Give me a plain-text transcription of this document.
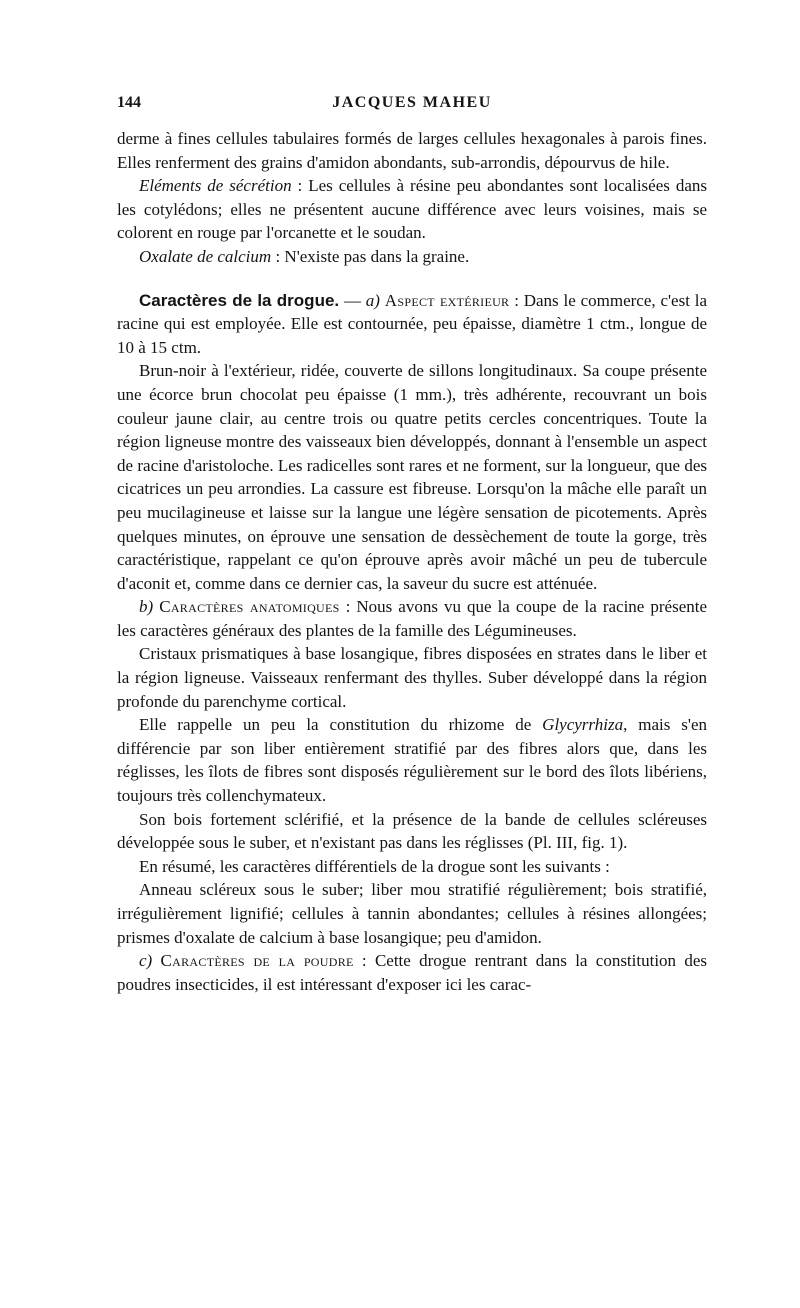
144	JACQUES MAHEU

derme à fines cellules tabulaires formés de larges cellules hexagonales à parois fines. Elles renferment des grains d'amidon abondants, sub-arrondis, dépourvus de hile.

Eléments de sécrétion : Les cellules à résine peu abondantes sont localisées dans les cotylédons; elles ne présentent aucune différence avec leurs voisines, mais se colorent en rouge par l'orcanette et le soudan.

Oxalate de calcium : N'existe pas dans la graine.

Caractères de la drogue. — a) Aspect extérieur : Dans le commerce, c'est la racine qui est employée. Elle est contournée, peu épaisse, diamètre 1 ctm., longue de 10 à 15 ctm.

Brun-noir à l'extérieur, ridée, couverte de sillons longitudinaux. Sa coupe présente une écorce brun chocolat peu épaisse (1 mm.), très adhérente, recouvrant un bois couleur jaune clair, au centre trois ou quatre petits cercles concentriques. Toute la région ligneuse montre des vaisseaux bien développés, donnant à l'ensemble un aspect de racine d'aristoloche. Les radicelles sont rares et ne forment, sur la longueur, que des cicatrices un peu arrondies. La cassure est fibreuse. Lorsqu'on la mâche elle paraît un peu mucilagineuse et laisse sur la langue une légère sensation de picotements. Après quelques minutes, on éprouve une sensation de dessèchement de toute la gorge, très caractéristique, rappelant ce qu'on éprouve après avoir mâché un peu de tubercule d'aconit et, comme dans ce dernier cas, la saveur du sucre est atténuée.

b) Caractères anatomiques : Nous avons vu que la coupe de la racine présente les caractères généraux des plantes de la famille des Légumineuses.

Cristaux prismatiques à base losangique, fibres disposées en strates dans le liber et la région ligneuse. Vaisseaux renfermant des thylles. Suber développé dans la région profonde du parenchyme cortical.

Elle rappelle un peu la constitution du rhizome de Glycyrrhiza, mais s'en différencie par son liber entièrement stratifié par des fibres alors que, dans les réglisses, les îlots de fibres sont disposés régulièrement sur le bord des îlots libériens, toujours très collenchymateux.

Son bois fortement sclérifié, et la présence de la bande de cellules scléreuses développée sous le suber, et n'existant pas dans les réglisses (Pl. III, fig. 1).

En résumé, les caractères différentiels de la drogue sont les suivants :

Anneau scléreux sous le suber; liber mou stratifié régulièrement; bois stratifié, irrégulièrement lignifié; cellules à tannin abondantes; cellules à résines allongées; prismes d'oxalate de calcium à base losangique; peu d'amidon.

c) Caractères de la poudre : Cette drogue rentrant dans la constitution des poudres insecticides, il est intéressant d'exposer ici les carac-
